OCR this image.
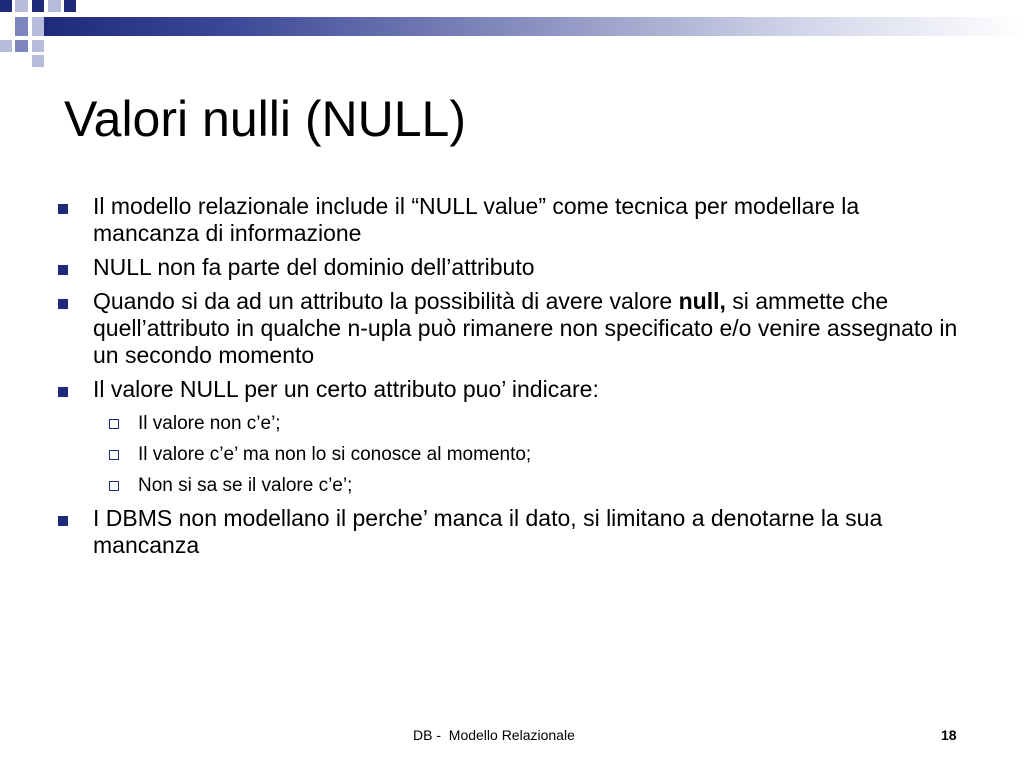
Valori nulli (NULL)
Il modello relazionale include il “NULL value” come tecnica per modellare la mancanza di informazione
NULL non fa parte del dominio dell’attributo
Quando si da ad un attributo la possibilità di avere valore null, si ammette che quell’attributo in qualche n-upla può rimanere non specificato e/o venire assegnato in un secondo momento
Il valore NULL per un certo attributo puo’ indicare:
Il valore non c’e’;
Il valore c’e’ ma non lo si conosce al momento;
Non si sa se il valore c’e’;
I DBMS non modellano il perche’ manca il dato, si limitano a denotarne la sua mancanza
DB -  Modello Relazionale	18
